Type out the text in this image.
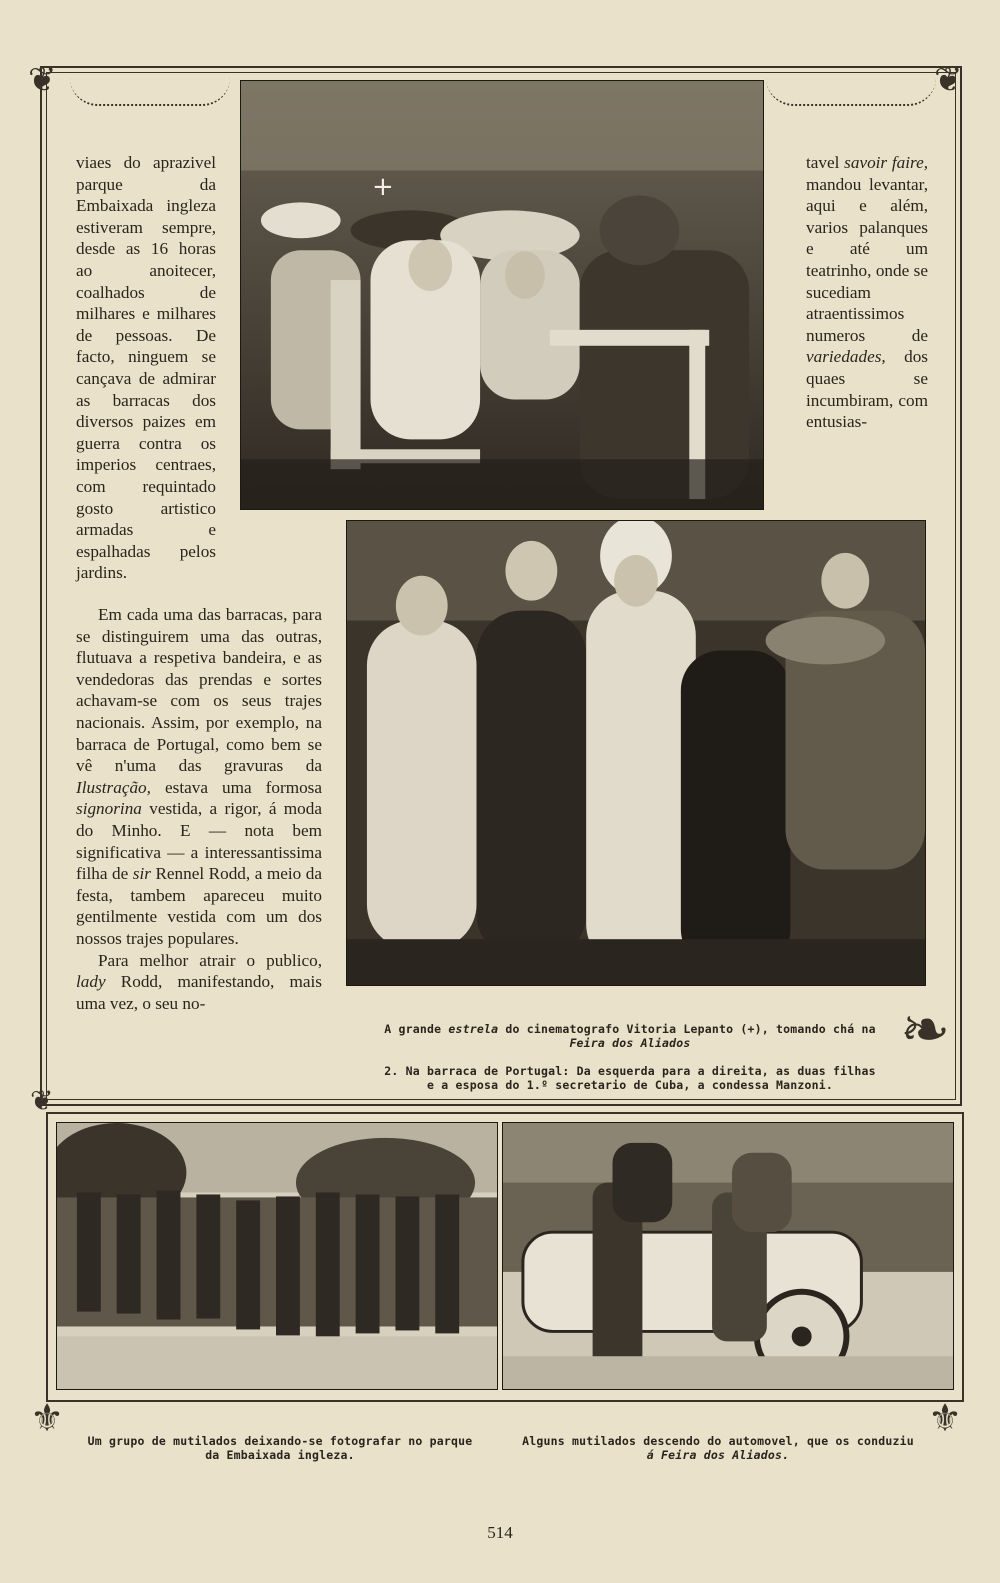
❦	❦
❧
❦
⚜	⚜
+

viaes do aprazivel parque da Embaixada ingleza estiveram sempre, desde as 16 horas ao anoitecer, coalhados de milhares e milhares de pessoas. De facto, ninguem se cançava de admirar as barracas dos diversos paizes em guerra contra os imperios centraes, com requintado gosto artistico armadas e espalhadas pelos jardins.

Em cada uma das barracas, para se distinguirem uma das outras, flutuava a respetiva bandeira, e as vendedoras das prendas e sortes achavam-se com os seus trajes nacionais. Assim, por exemplo, na barraca de Portugal, como bem se vê n'uma das gravuras da Ilustração, estava uma formosa signorina vestida, a rigor, á moda do Minho. E — nota bem significativa — a interessantissima filha de sir Rennel Rodd, a meio da festa, tambem apareceu muito gentilmente vestida com um dos nossos trajes populares.

Para melhor atrair o publico, lady Rodd, manifestando, mais uma vez, o seu no-

tavel savoir faire, mandou levantar, aqui e além, varios palanques e até um teatrinho, onde se sucediam atraentissimos numeros de variedades, dos quaes se incumbiram, com entusias-

A grande estrela do cinematografo Vitoria Lepanto (+), tomando chá na
Feira dos Aliados
2. Na barraca de Portugal: Da esquerda para a direita, as duas filhas
e a esposa do 1.º secretario de Cuba, a condessa Manzoni.
Um grupo de mutilados deixando-se fotografar no parque
da Embaixada ingleza.
Alguns mutilados descendo do automovel, que os conduziu
á Feira dos Aliados.
514
